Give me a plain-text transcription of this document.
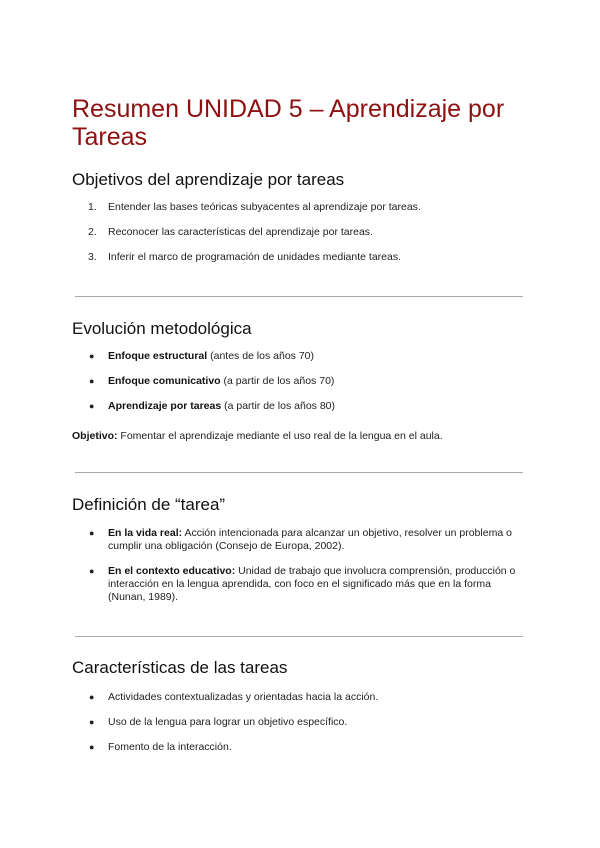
Resumen UNIDAD 5 – Aprendizaje por Tareas
Objetivos del aprendizaje por tareas
1. Entender las bases teóricas subyacentes al aprendizaje por tareas.
2. Reconocer las características del aprendizaje por tareas.
3. Inferir el marco de programación de unidades mediante tareas.
Evolución metodológica
● Enfoque estructural (antes de los años 70)
● Enfoque comunicativo (a partir de los años 70)
● Aprendizaje por tareas (a partir de los años 80)

Objetivo: Fomentar el aprendizaje mediante el uso real de la lengua en el aula.

Definición de “tarea”
● En la vida real: Acción intencionada para alcanzar un objetivo, resolver un problema o cumplir una obligación (Consejo de Europa, 2002).
● En el contexto educativo: Unidad de trabajo que involucra comprensión, producción o interacción en la lengua aprendida, con foco en el significado más que en la forma (Nunan, 1989).
Características de las tareas
● Actividades contextualizadas y orientadas hacia la acción.
● Uso de la lengua para lograr un objetivo específico.
● Fomento de la interacción.
